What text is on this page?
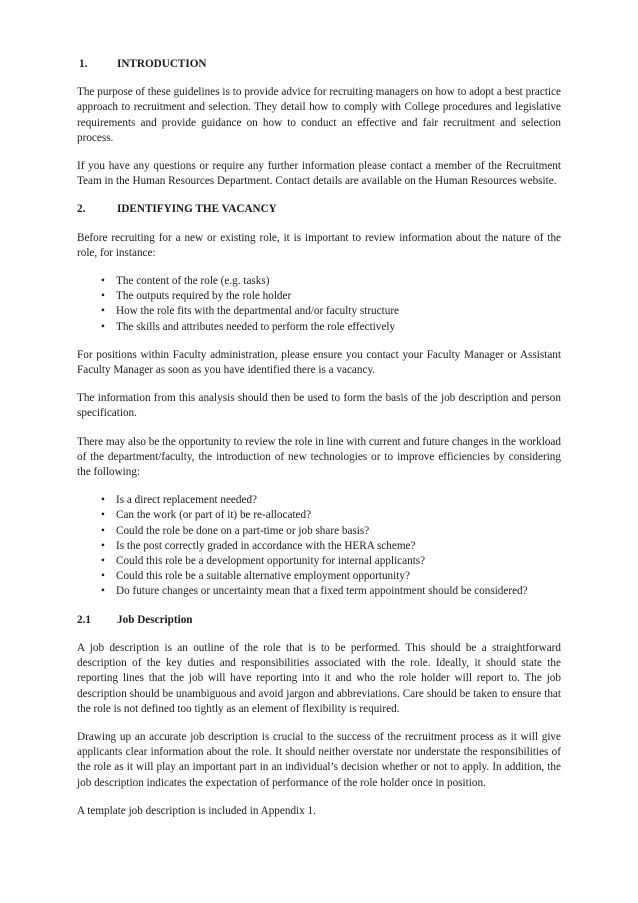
1.	INTRODUCTION

The purpose of these guidelines is to provide advice for recruiting managers on how to adopt a best practice approach to recruitment and selection. They detail how to comply with College procedures and legislative requirements and provide guidance on how to conduct an effective and fair recruitment and selection process.

If you have any questions or require any further information please contact a member of the Recruitment Team in the Human Resources Department. Contact details are available on the Human Resources website.

2.	IDENTIFYING THE VACANCY

Before recruiting for a new or existing role, it is important to review information about the nature of the role, for instance:

• The content of the role (e.g. tasks)
• The outputs required by the role holder
• How the role fits with the departmental and/or faculty structure
• The skills and attributes needed to perform the role effectively

For positions within Faculty administration, please ensure you contact your Faculty Manager or Assistant Faculty Manager as soon as you have identified there is a vacancy.

The information from this analysis should then be used to form the basis of the job description and person specification.

There may also be the opportunity to review the role in line with current and future changes in the workload of the department/faculty, the introduction of new technologies or to improve efficiencies by considering the following:

• Is a direct replacement needed?
• Can the work (or part of it) be re-allocated?
• Could the role be done on a part-time or job share basis?
• Is the post correctly graded in accordance with the HERA scheme?
• Could this role be a development opportunity for internal applicants?
• Could this role be a suitable alternative employment opportunity?
• Do future changes or uncertainty mean that a fixed term appointment should be considered?
2.1	Job Description

A job description is an outline of the role that is to be performed. This should be a straightforward description of the key duties and responsibilities associated with the role. Ideally, it should state the reporting lines that the job will have reporting into it and who the role holder will report to. The job description should be unambiguous and avoid jargon and abbreviations. Care should be taken to ensure that the role is not defined too tightly as an element of flexibility is required.

Drawing up an accurate job description is crucial to the success of the recruitment process as it will give applicants clear information about the role. It should neither overstate nor understate the responsibilities of the role as it will play an important part in an individual’s decision whether or not to apply. In addition, the job description indicates the expectation of performance of the role holder once in position.

A template job description is included in Appendix 1.
